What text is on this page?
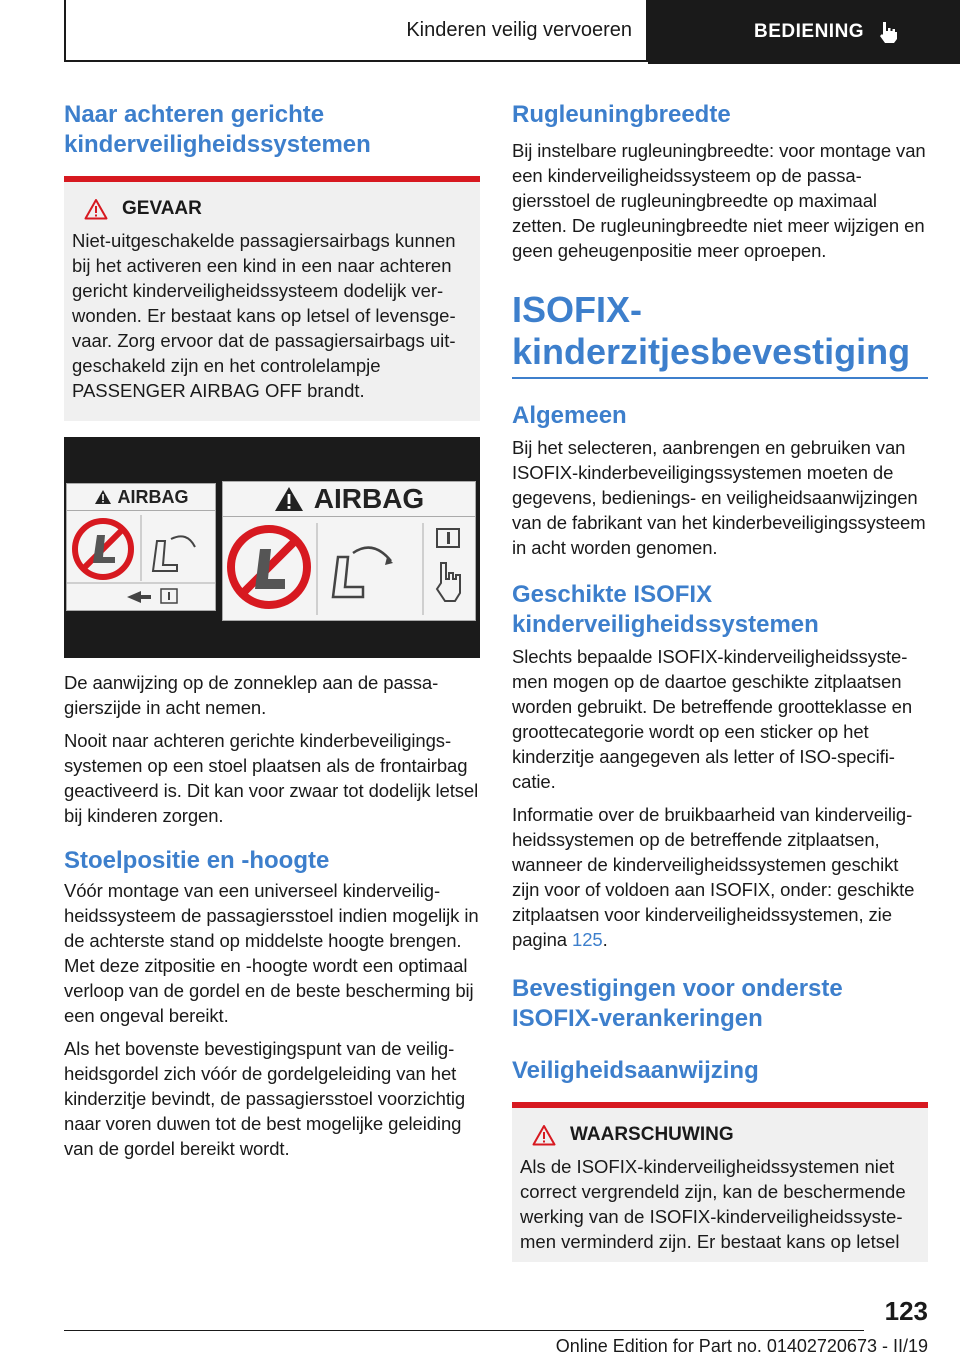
Kinderen veilig vervoeren	BEDIENING
Naar achteren gerichte kinderveiligheidssystemen
GEVAAR

Niet-uitgeschakelde passagiersairbags kunnen bij het activeren een kind in een naar achteren gericht kinderveiligheidssysteem dodelijk verwonden. Er bestaat kans op letsel of levensgevaar. Zorg ervoor dat de passagiersairbags uitgeschakeld zijn en het controlelampje PASSENGER AIRBAG OFF brandt.

AIRBAG	AIRBAG

De aanwijzing op de zonneklep aan de passagierszijde in acht nemen.

Nooit naar achteren gerichte kinderbeveiligingssystemen op een stoel plaatsen als de frontairbag geactiveerd is. Dit kan voor zwaar tot dodelijk letsel bij kinderen zorgen.

Stoelpositie en -hoogte

Vóór montage van een universeel kinderveiligheidssysteem de passagiersstoel indien mogelijk in de achterste stand op middelste hoogte brengen. Met deze zitpositie en -hoogte wordt een optimaal verloop van de gordel en de beste bescherming bij een ongeval bereikt.

Als het bovenste bevestigingspunt van de veiligheidsgordel zich vóór de gordelgeleiding van het kinderzitje bevindt, de passagiersstoel voorzichtig naar voren duwen tot de best mogelijke geleiding van de gordel bereikt wordt.

Rugleuningbreedte

Bij instelbare rugleuningbreedte: voor montage van een kinderveiligheidssysteem op de passagiersstoel de rugleuningbreedte op maximaal zetten. De rugleuningbreedte niet meer wijzigen en geen geheugenpositie meer oproepen.

ISOFIX-
kinderzitjesbevestiging
Algemeen

Bij het selecteren, aanbrengen en gebruiken van ISOFIX-kinderbeveiligingssystemen moeten de gegevens, bedienings- en veiligheidsaanwijzingen van de fabrikant van het kinderbeveiligingssysteem in acht worden genomen.

Geschikte ISOFIX kinderveiligheidssystemen

Slechts bepaalde ISOFIX-kinderveiligheidssystemen mogen op de daartoe geschikte zitplaatsen worden gebruikt. De betreffende grootteklasse en groottecategorie wordt op een sticker op het kinderzitje aangegeven als letter of ISO-specificatie.

Informatie over de bruikbaarheid van kinderveiligheidssystemen op de betreffende zitplaatsen, wanneer de kinderveiligheidssystemen geschikt zijn voor of voldoen aan ISOFIX, onder: geschikte zitplaatsen voor kinderveiligheidssystemen, zie pagina 125.

Bevestigingen voor onderste ISOFIX-verankeringen
Veiligheidsaanwijzing
WAARSCHUWING

Als de ISOFIX-kinderveiligheidssystemen niet correct vergrendeld zijn, kan de beschermende werking van de ISOFIX-kinderveiligheidssystemen verminderd zijn. Er bestaat kans op letsel

123
Online Edition for Part no. 01402720673 - II/19
